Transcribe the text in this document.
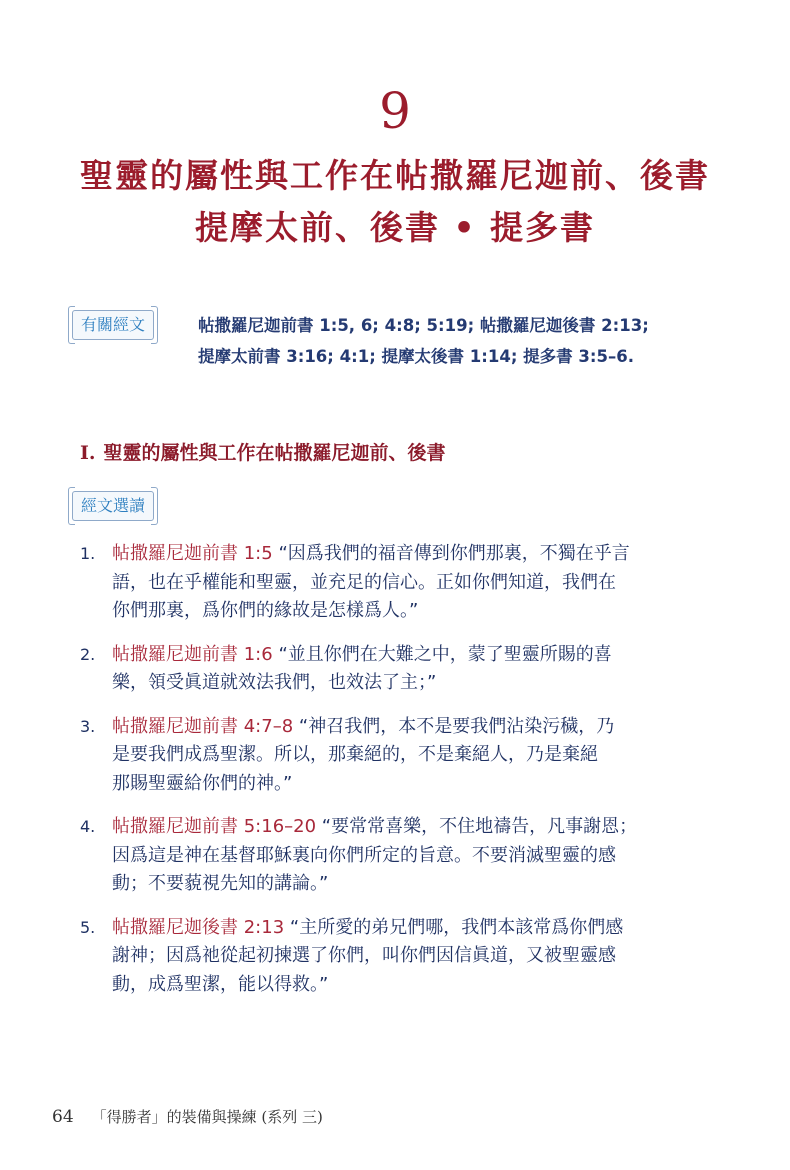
9
聖靈的屬性與工作在帖撒羅尼迦前、後書
提摩太前、後書 • 提多書
有關經文	帖撒羅尼迦前書 1:5, 6; 4:8; 5:19; 帖撒羅尼迦後書 2:13;
提摩太前書 3:16; 4:1; 提摩太後書 1:14; 提多書 3:5–6.
I. 聖靈的屬性與工作在帖撒羅尼迦前、後書
經文選讀
1. 帖撒羅尼迦前書 1:5 “因爲我們的福音傳到你們那裏，不獨在乎言
語，也在乎權能和聖靈，並充足的信心。正如你們知道，我們在
你們那裏，爲你們的緣故是怎樣爲人。”
2. 帖撒羅尼迦前書 1:6 “並且你們在大難之中，蒙了聖靈所賜的喜
樂，領受眞道就效法我們，也效法了主；”
3. 帖撒羅尼迦前書 4:7–8 “神召我們，本不是要我們沾染污穢，乃
是要我們成爲聖潔。所以，那棄絕的，不是棄絕人，乃是棄絕
那賜聖靈給你們的神。”
4. 帖撒羅尼迦前書 5:16–20 “要常常喜樂，不住地禱告，凡事謝恩；
因爲這是神在基督耶穌裏向你們所定的旨意。不要消滅聖靈的感
動；不要藐視先知的講論。”
5. 帖撒羅尼迦後書 2:13 “主所愛的弟兄們哪，我們本該常爲你們感
謝神；因爲祂從起初揀選了你們，叫你們因信眞道，又被聖靈感
動，成爲聖潔，能以得救。”
64 「得勝者」的裝備與操練 (系列 三)
